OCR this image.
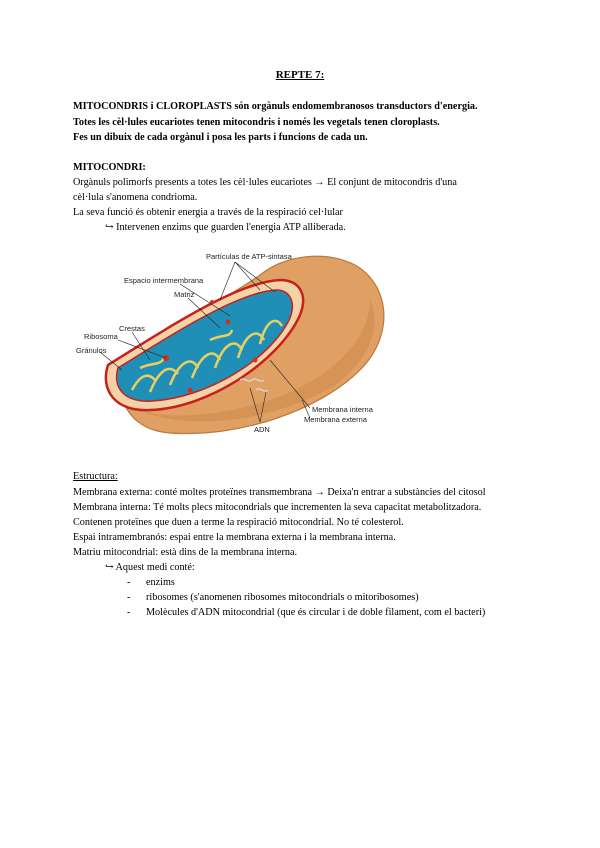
REPTE 7:
MITOCONDRIS i CLOROPLASTS són orgànuls endomembranosos transductors d'energia.
Totes les cèl·lules eucariotes tenen mitocondris i només les vegetals tenen cloroplasts.
Fes un dibuix de cada orgànul i posa les parts i funcions de cada un.
MITOCONDRI:
Orgànuls polimorfs presents a totes les cèl·lules eucariotes → El conjunt de mitocondris d'una
cèl·lula s'anomena condrioma.
La seva funció és obtenir energia a través de la respiració cel·lular
↪ Intervenen enzims que guarden l'energia ATP alliberada.
Partículas de ATP-sintasa
Espacio intermembrana
Matriz
Crestas
Ribosoma
Gránulos
Membrana interna
Membrana externa
ADN
Estructura:
Membrana externa: conté moltes proteïnes transmembrana → Deixa'n entrar a substàncies del citosol
Membrana interna: Té molts plecs mitocondrials que incrementen la seva capacitat metabolitzadora.
Contenen proteïnes que duen a terme la respiració mitocondrial. No té colesterol.
Espai intramembranós: espai entre la membrana externa i la membrana interna.
Matriu mitocondrial: està dins de la membrana interna.
↪ Aquest medi conté:
- enzims
- ribosomes (s'anomenen ribosomes mitocondrials o mitoribosomes)
- Molècules d'ADN mitocondrial (que és circular i de doble filament, com el bacteri)
